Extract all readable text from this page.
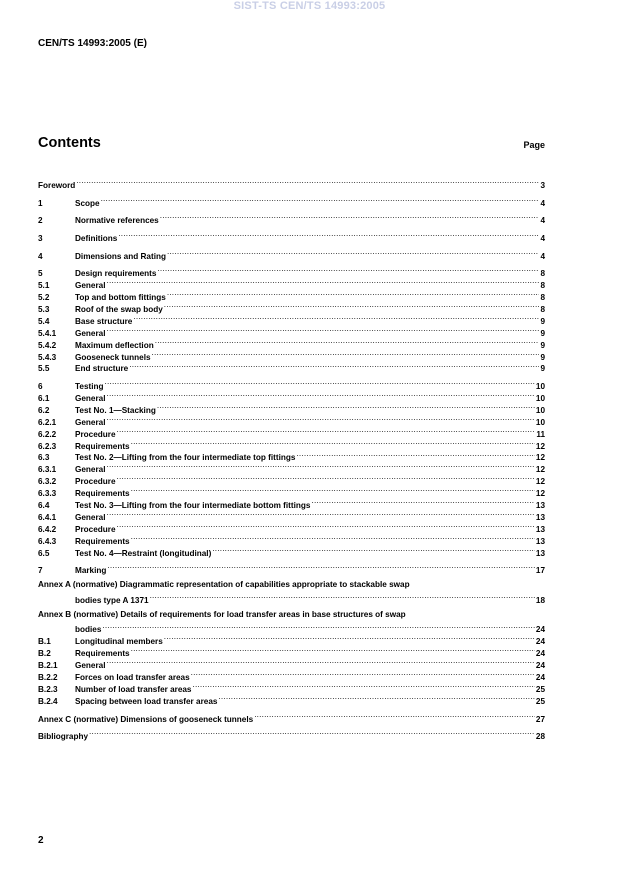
SIST-TS CEN/TS 14993:2005
CEN/TS 14993:2005 (E)
Contents	Page
Foreword .....	3
1	Scope .....	4
2	Normative references .....	4
3	Definitions .....	4
4	Dimensions and Rating .....	4
5	Design requirements .....	8
5.1	General .....	8
5.2	Top and bottom fittings .....	8
5.3	Roof of the swap body .....	8
5.4	Base structure .....	9
5.4.1	General .....	9
5.4.2	Maximum deflection .....	9
5.4.3	Gooseneck tunnels .....	9
5.5	End structure .....	9
6	Testing .....	10
6.1	General .....	10
6.2	Test No. 1—Stacking .....	10
6.2.1	General .....	10
6.2.2	Procedure .....	11
6.2.3	Requirements .....	12
6.3	Test No. 2—Lifting from the four intermediate top fittings .....	12
6.3.1	General .....	12
6.3.2	Procedure .....	12
6.3.3	Requirements .....	12
6.4	Test No. 3—Lifting from the four intermediate bottom fittings .....	13
6.4.1	General .....	13
6.4.2	Procedure .....	13
6.4.3	Requirements .....	13
6.5	Test No. 4—Restraint (longitudinal) .....	13
7	Marking .....	17
Annex A (normative) Diagrammatic representation of capabilities appropriate to stackable swap
bodies type A 1371 .....	18
Annex B (normative) Details of requirements for load transfer areas in base structures of swap
bodies .....	24
B.1	Longitudinal members .....	24
B.2	Requirements .....	24
B.2.1	General .....	24
B.2.2	Forces on load transfer areas .....	24
B.2.3	Number of load transfer areas .....	25
B.2.4	Spacing between load transfer areas .....	25
Annex C (normative) Dimensions of gooseneck tunnels .....	27
Bibliography .....	28
2
